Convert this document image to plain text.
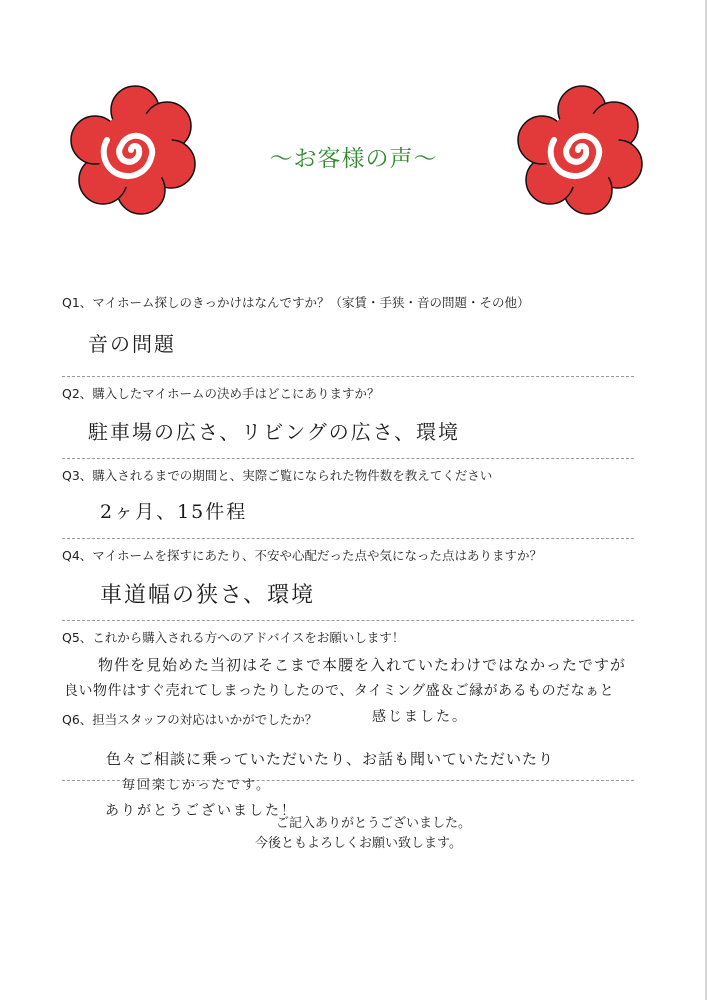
〜お客様の声〜
Q1、マイホーム探しのきっかけはなんですか？（家賃・手狭・音の問題・その他）
音の問題
Q2、購入したマイホームの決め手はどこにありますか？
駐車場の広さ、リビングの広さ、環境
Q3、購入されるまでの期間と、実際ご覧になられた物件数を教えてください
2ヶ月、15件程
Q4、マイホームを探すにあたり、不安や心配だった点や気になった点はありますか？
車道幅の狭さ、環境
Q5、これから購入される方へのアドバイスをお願いします！
物件を見始めた当初はそこまで本腰を入れていたわけではなかったですが
良い物件はすぐ売れてしまったりしたので、タイミング盛＆ご縁があるものだなぁと
Q6、担当スタッフの対応はいかがでしたか？	感じました。
色々ご相談に乗っていただいたり、お話も聞いていただいたり
毎回楽しかったです。
ありがとうございました！
ご記入ありがとうございました。
今後ともよろしくお願い致します。
